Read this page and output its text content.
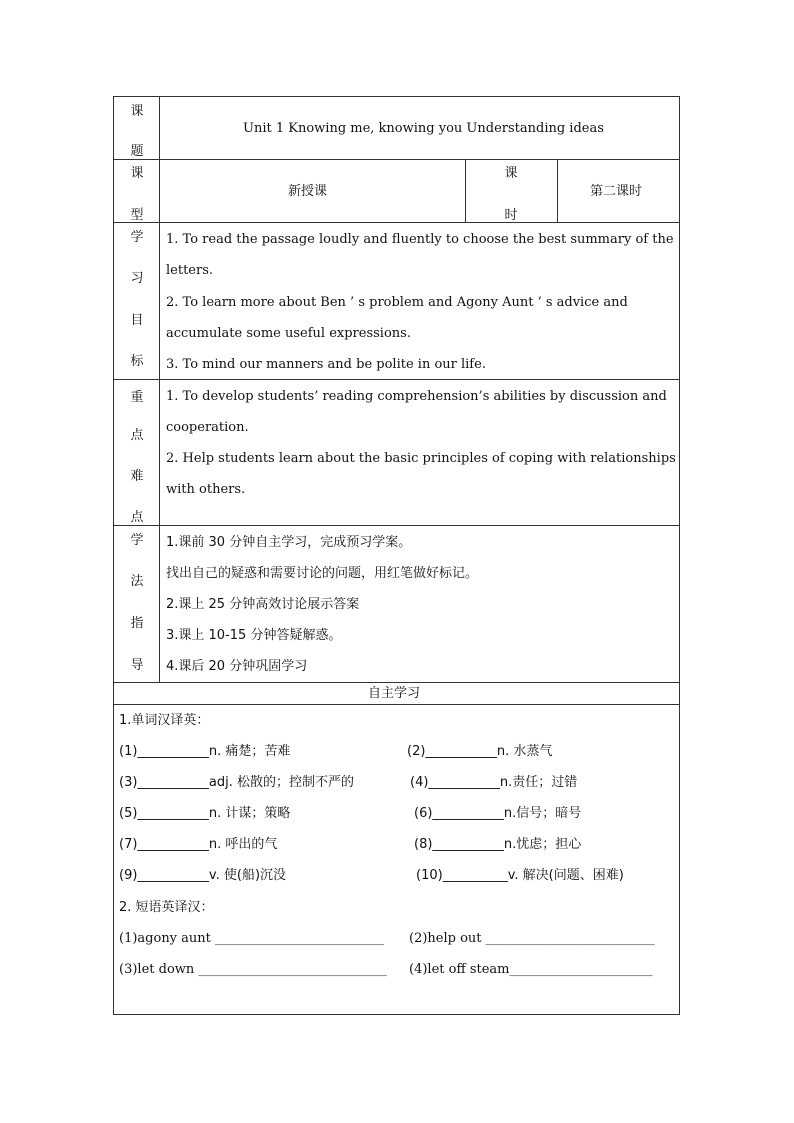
课
题
Unit 1 Knowing me, knowing you Understanding ideas
课
型
新授课
课
时
第二课时
学
习
目
标
1. To read the passage loudly and fluently to choose the best summary of the
letters.
2. To learn more about Ben ’ s problem and Agony Aunt ’ s advice and
accumulate some useful expressions.
3. To mind our manners and be polite in our life.
重
点
难
点
1. To develop students’ reading comprehension’s abilities by discussion and
cooperation.
2. Help students learn about the basic principles of coping with relationships
with others.
学
法
指
导
1.课前 30 分钟自主学习，完成预习学案。
找出自己的疑惑和需要讨论的问题，用红笔做好标记。
2.课上 25 分钟高效讨论展示答案
3.课上 10-15 分钟答疑解惑。
4.课后 20 分钟巩固学习
自主学习
1.单词汉译英：
(1)___________n. 痛楚；苦难
(3)___________adj. 松散的；控制不严的
(5)___________n. 计谋；策略
(7)___________n. 呼出的气
(9)___________v. 使(船)沉没
(2)___________n. 水蒸气
(4)___________n.责任；过错
(6)___________n.信号；暗号
(8)___________n.忧虑；担心
(10)__________v. 解决(问题、困难)
2. 短语英译汉：
(1)agony aunt __________________________ (2)help out __________________________
(3)let down _____________________________ (4)let off steam______________________
